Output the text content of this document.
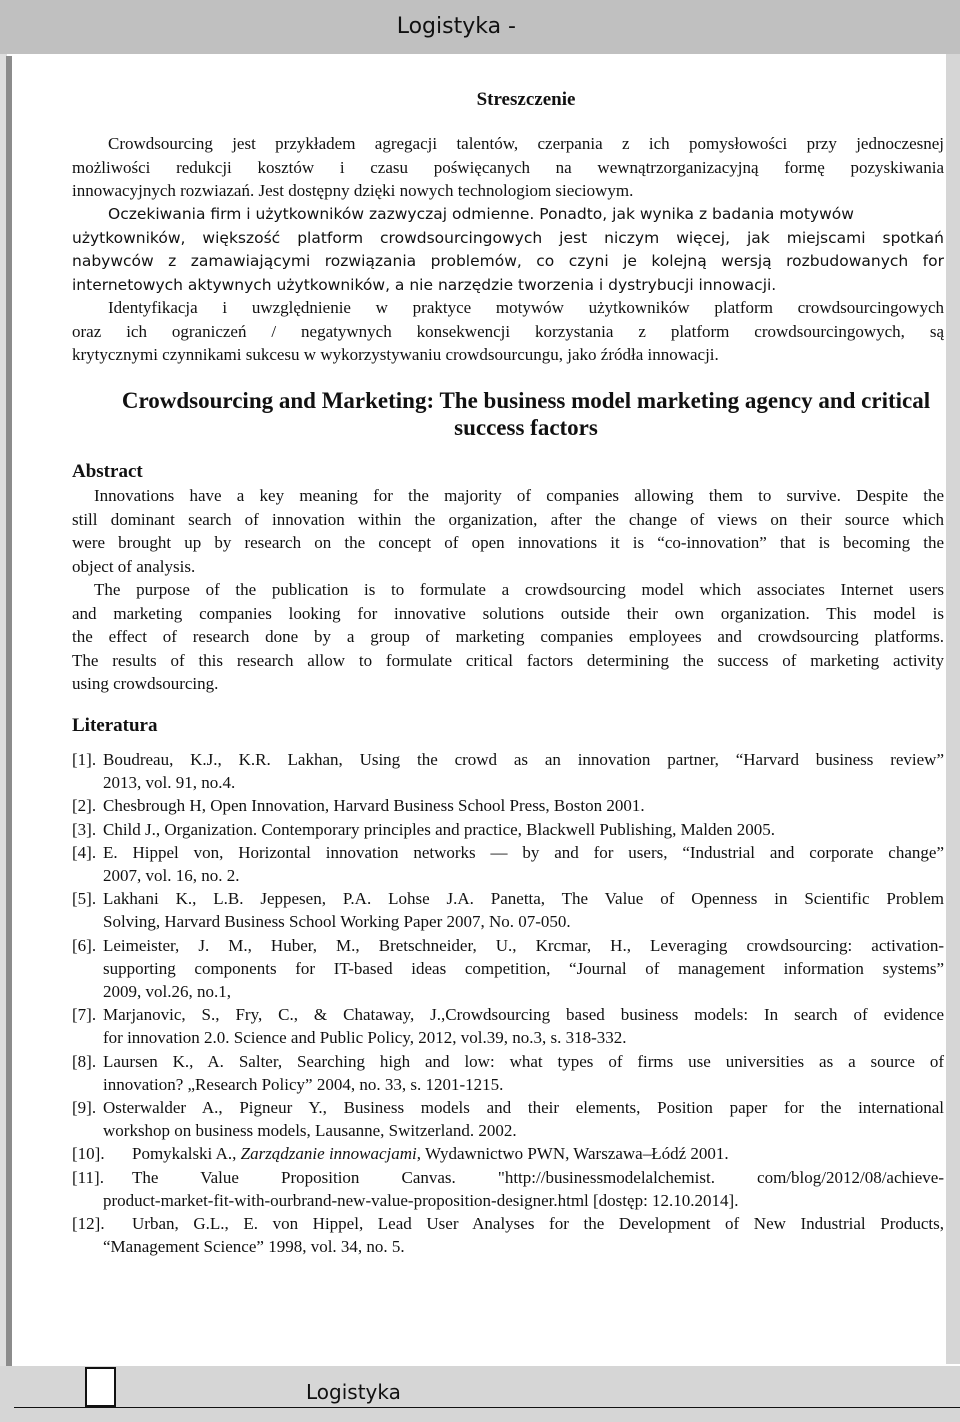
Logistyka -
Streszczenie
Crowdsourcing jest przykładem agregacji talentów, czerpania z ich pomysłowości przy jednoczesnej
możliwości redukcji kosztów i czasu poświęcanych na wewnątrzorganizacyjną formę pozyskiwania
innowacyjnych rozwiazań. Jest dostępny dzięki nowych technologiom sieciowym.
Oczekiwania firm i użytkowników zazwyczaj odmienne. Ponadto, jak wynika z badania motywów
użytkowników, większość platform crowdsourcingowych jest niczym więcej, jak miejscami spotkań
nabywców z zamawiającymi rozwiązania problemów, co czyni je kolejną wersją rozbudowanych for
internetowych aktywnych użytkowników, a nie narzędzie tworzenia i dystrybucji innowacji.
Identyfikacja i uwzględnienie w praktyce motywów użytkowników platform crowdsourcingowych
oraz ich ograniczeń / negatywnych konsekwencji korzystania z platform crowdsourcingowych, są
krytycznymi czynnikami sukcesu w wykorzystywaniu crowdsourcungu, jako źródła innowacji.
Crowdsourcing and Marketing: The business model marketing agency and critical
success factors
Abstract
Innovations have a key meaning for the majority of companies allowing them to survive. Despite the
still dominant search of innovation within the organization, after the change of views on their source which
were brought up by research on the concept of open innovations it is “co-innovation” that is becoming the
object of analysis.
The purpose of the publication is to formulate a crowdsourcing model which associates Internet users
and marketing companies looking for innovative solutions outside their own organization. This model is
the effect of research done by a group of marketing companies employees and crowdsourcing platforms.
The results of this research allow to formulate critical factors determining the success of marketing activity
using crowdsourcing.
Literatura
[1]. Boudreau, K.J., K.R. Lakhan, Using the crowd as an innovation partner, “Harvard business review”
2013, vol. 91, no.4.
[2]. Chesbrough H, Open Innovation, Harvard Business School Press, Boston 2001.
[3]. Child J., Organization. Contemporary principles and practice, Blackwell Publishing, Malden 2005.
[4]. E. Hippel von, Horizontal innovation networks — by and for users, “Industrial and corporate change”
2007, vol. 16, no. 2.
[5]. Lakhani K., L.B. Jeppesen, P.A. Lohse J.A. Panetta, The Value of Openness in Scientific Problem
Solving, Harvard Business School Working Paper 2007, No. 07-050.
[6]. Leimeister, J. M., Huber, M., Bretschneider, U., Krcmar, H., Leveraging crowdsourcing: activation-
supporting components for IT-based ideas competition, “Journal of management information systems”
2009, vol.26, no.1,
[7]. Marjanovic, S., Fry, C., & Chataway, J.,Crowdsourcing based business models: In search of evidence
for innovation 2.0. Science and Public Policy, 2012, vol.39, no.3, s. 318-332.
[8]. Laursen K., A. Salter, Searching high and low: what types of firms use universities as a source of
innovation? „Research Policy” 2004, no. 33, s. 1201-1215.
[9]. Osterwalder A., Pigneur Y., Business models and their elements, Position paper for the international
workshop on business models, Lausanne, Switzerland. 2002.
[10]. Pomykalski A., Zarządzanie innowacjami, Wydawnictwo PWN, Warszawa–Łódź 2001.
[11].	The Value Proposition Canvas. "http://businessmodelalchemist. com/blog/2012/08/achieve-
product-market-fit-with-ourbrand-new-value-proposition-designer.html [dostęp: 12.10.2014].
[12].	Urban, G.L., E. von Hippel, Lead User Analyses for the Development of New Industrial Products,
“Management Science” 1998, vol. 34, no. 5.
Logistyka
